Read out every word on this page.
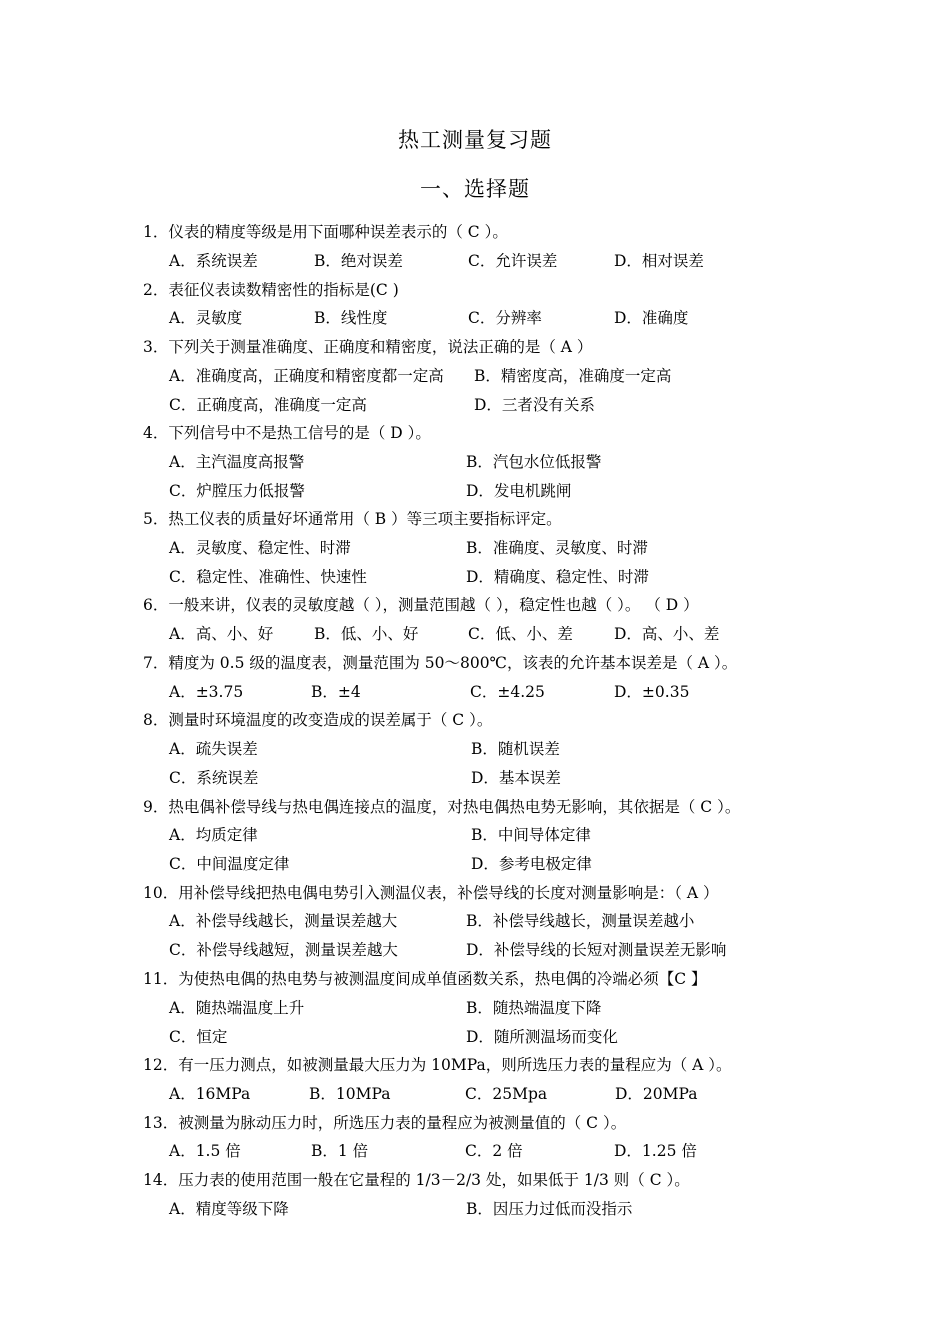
热工测量复习题
一、选择题
1．仪表的精度等级是用下面哪种误差表示的（ C ）。
A．系统误差	B．绝对误差	C．允许误差	D．相对误差
2．表征仪表读数精密性的指标是(C )
A．灵敏度	B．线性度	C．分辨率	D．准确度
3．下列关于测量准确度、正确度和精密度，说法正确的是（ A ）
A．准确度高，正确度和精密度都一定高 B．精密度高，准确度一定高
C．正确度高，准确度一定高	D．三者没有关系
4．下列信号中不是热工信号的是（ D ）。
A．主汽温度高报警	B．汽包水位低报警
C．炉膛压力低报警	D．发电机跳闸
5．热工仪表的质量好坏通常用（ B ）等三项主要指标评定。
A．灵敏度、稳定性、时滞	B．准确度、灵敏度、时滞
C．稳定性、准确性、快速性	D．精确度、稳定性、时滞
6．一般来讲，仪表的灵敏度越（ ），测量范围越（ ），稳定性也越（ ）。 （ D ）
A．高、小、好	B．低、小、好	C．低、小、差	D．高、小、差
7．精度为 0.5 级的温度表，测量范围为 50～800℃，该表的允许基本误差是（ A ）。
A．±3.75	B．±4	C．±4.25	D．±0.35
8．测量时环境温度的改变造成的误差属于（ C ）。
A．疏失误差	B．随机误差
C．系统误差	D．基本误差
9．热电偶补偿导线与热电偶连接点的温度，对热电偶热电势无影响，其依据是（ C ）。
A．均质定律	B．中间导体定律
C．中间温度定律	D．参考电极定律
10．用补偿导线把热电偶电势引入测温仪表，补偿导线的长度对测量影响是：（ A ）
A．补偿导线越长，测量误差越大	B．补偿导线越长，测量误差越小
C．补偿导线越短，测量误差越大	D．补偿导线的长短对测量误差无影响
11．为使热电偶的热电势与被测温度间成单值函数关系，热电偶的冷端必须【C 】
A．随热端温度上升	B．随热端温度下降
C．恒定	D．随所测温场而变化
12．有一压力测点，如被测量最大压力为 10MPa，则所选压力表的量程应为（ A ）。
A．16MPa	B．10MPa	C．25Mpa	D．20MPa
13．被测量为脉动压力时，所选压力表的量程应为被测量值的（ C ）。
A．1.5 倍	B．1 倍	C．2 倍	D．1.25 倍
14．压力表的使用范围一般在它量程的 1/3－2/3 处，如果低于 1/3 则（ C ）。
A．精度等级下降	B．因压力过低而没指示
